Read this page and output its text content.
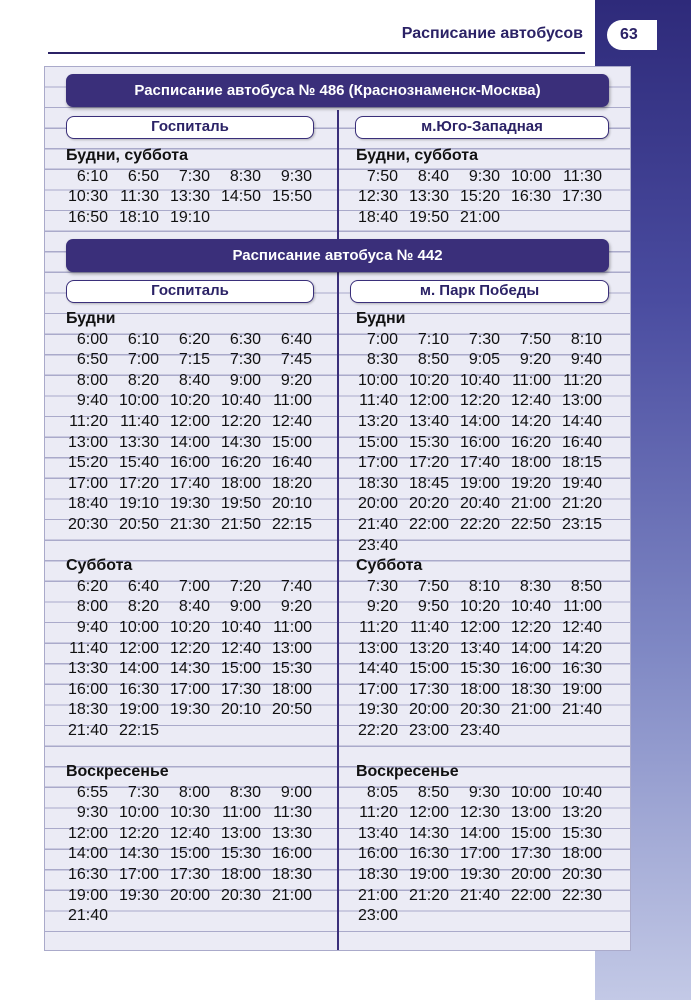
Расписание автобусов	63
Расписание автобуса № 486 (Краснознаменск-Москва)
Госпиталь	м.Юго-Западная
Расписание автобуса № 442
Госпиталь	м. Парк Победы
Будни, суббота
6:10	6:50	7:30	8:30	9:30
10:30 11:30 13:30 14:50 15:50
16:50 18:10 19:10
Будни, суббота
7:50	8:40	9:30 10:00 11:30
12:30 13:30 15:20 16:30 17:30
18:40 19:50 21:00
Будни
6:00	6:10	6:20	6:30	6:40
6:50	7:00	7:15	7:30	7:45
8:00	8:20	8:40	9:00	9:20
9:40 10:00 10:20 10:40 11:00
11:20 11:40 12:00 12:20 12:40
13:00 13:30 14:00 14:30 15:00
15:20 15:40 16:00 16:20 16:40
17:00 17:20 17:40 18:00 18:20
18:40 19:10 19:30 19:50 20:10
20:30 20:50 21:30 21:50 22:15
Суббота
6:20	6:40	7:00	7:20	7:40
8:00	8:20	8:40	9:00	9:20
9:40 10:00 10:20 10:40 11:00
11:40 12:00 12:20 12:40 13:00
13:30 14:00 14:30 15:00 15:30
16:00 16:30 17:00 17:30 18:00
18:30 19:00 19:30 20:10 20:50
21:40 22:15
Воскресенье
6:55	7:30	8:00	8:30	9:00
9:30 10:00 10:30 11:00 11:30
12:00 12:20 12:40 13:00 13:30
14:00 14:30 15:00 15:30 16:00
16:30 17:00 17:30 18:00 18:30
19:00 19:30 20:00 20:30 21:00
21:40
Будни
7:00	7:10	7:30	7:50	8:10
8:30	8:50	9:05	9:20	9:40
10:00 10:20 10:40 11:00 11:20
11:40 12:00 12:20 12:40 13:00
13:20 13:40 14:00 14:20 14:40
15:00 15:30 16:00 16:20 16:40
17:00 17:20 17:40 18:00 18:15
18:30 18:45 19:00 19:20 19:40
20:00 20:20 20:40 21:00 21:20
21:40 22:00 22:20 22:50 23:15
23:40
Суббота
7:30	7:50	8:10	8:30	8:50
9:20	9:50 10:20 10:40 11:00
11:20 11:40 12:00 12:20 12:40
13:00 13:20 13:40 14:00 14:20
14:40 15:00 15:30 16:00 16:30
17:00 17:30 18:00 18:30 19:00
19:30 20:00 20:30 21:00 21:40
22:20 23:00 23:40
Воскресенье
8:05	8:50	9:30 10:00 10:40
11:20 12:00 12:30 13:00 13:20
13:40 14:30 14:00 15:00 15:30
16:00 16:30 17:00 17:30 18:00
18:30 19:00 19:30 20:00 20:30
21:00 21:20 21:40 22:00 22:30
23:00
